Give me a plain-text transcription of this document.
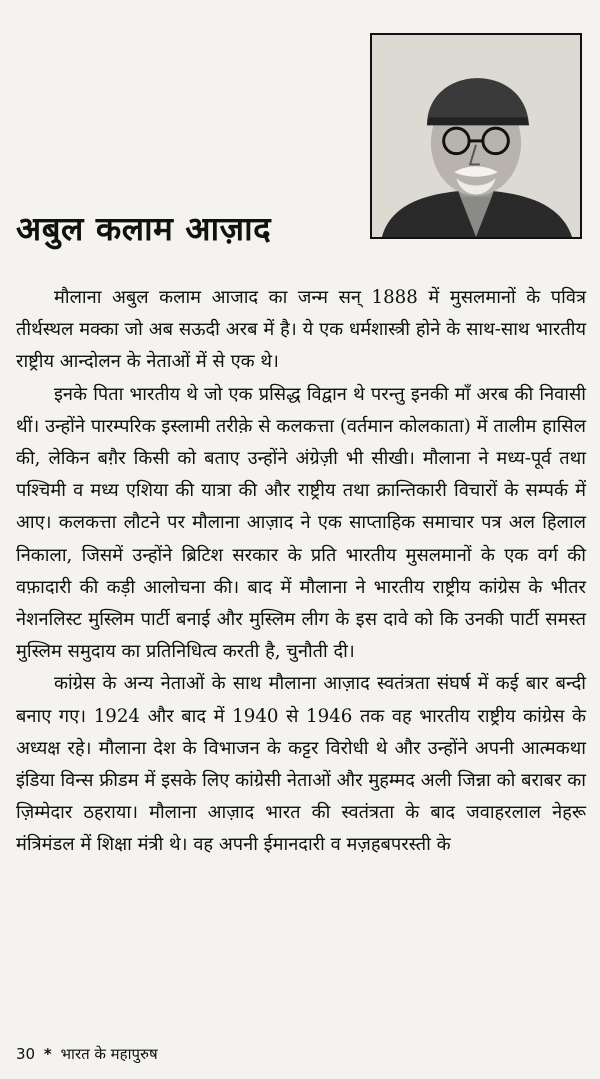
अबुल कलाम आज़ाद

मौलाना अबुल कलाम आजाद का जन्म सन् 1888 में मुसलमानों के पवित्र तीर्थस्थल मक्का जो अब सऊदी अरब में है। ये एक धर्मशास्त्री होने के साथ-साथ भारतीय राष्ट्रीय आन्दोलन के नेताओं में से एक थे।

इनके पिता भारतीय थे जो एक प्रसिद्ध विद्वान थे परन्तु इनकी माँ अरब की निवासी थीं। उन्होंने पारम्परिक इस्लामी तरीक़े से कलकत्ता (वर्तमान कोलकाता) में तालीम हासिल की, लेकिन बग़ैर किसी को बताए उन्होंने अंग्रेज़ी भी सीखी। मौलाना ने मध्य-पूर्व तथा पश्चिमी व मध्य एशिया की यात्रा की और राष्ट्रीय तथा क्रान्तिकारी विचारों के सम्पर्क में आए। कलकत्ता लौटने पर मौलाना आज़ाद ने एक साप्ताहिक समाचार पत्र अल हिलाल निकाला, जिसमें उन्होंने ब्रिटिश सरकार के प्रति भारतीय मुसलमानों के एक वर्ग की वफ़ादारी की कड़ी आलोचना की। बाद में मौलाना ने भारतीय राष्ट्रीय कांग्रेस के भीतर नेशनलिस्ट मुस्लिम पार्टी बनाई और मुस्लिम लीग के इस दावे को कि उनकी पार्टी समस्त मुस्लिम समुदाय का प्रतिनिधित्व करती है, चुनौती दी।

कांग्रेस के अन्य नेताओं के साथ मौलाना आज़ाद स्वतंत्रता संघर्ष में कई बार बन्दी बनाए गए। 1924 और बाद में 1940 से 1946 तक वह भारतीय राष्ट्रीय कांग्रेस के अध्यक्ष रहे। मौलाना देश के विभाजन के कट्टर विरोधी थे और उन्होंने अपनी आत्मकथा इंडिया विन्स फ्रीडम में इसके लिए कांग्रेसी नेताओं और मुहम्मद अली जिन्ना को बराबर का ज़िम्मेदार ठहराया। मौलाना आज़ाद भारत की स्वतंत्रता के बाद जवाहरलाल नेहरू मंत्रिमंडल में शिक्षा मंत्री थे। वह अपनी ईमानदारी व मज़हबपरस्ती के

30 * भारत के महापुरुष
